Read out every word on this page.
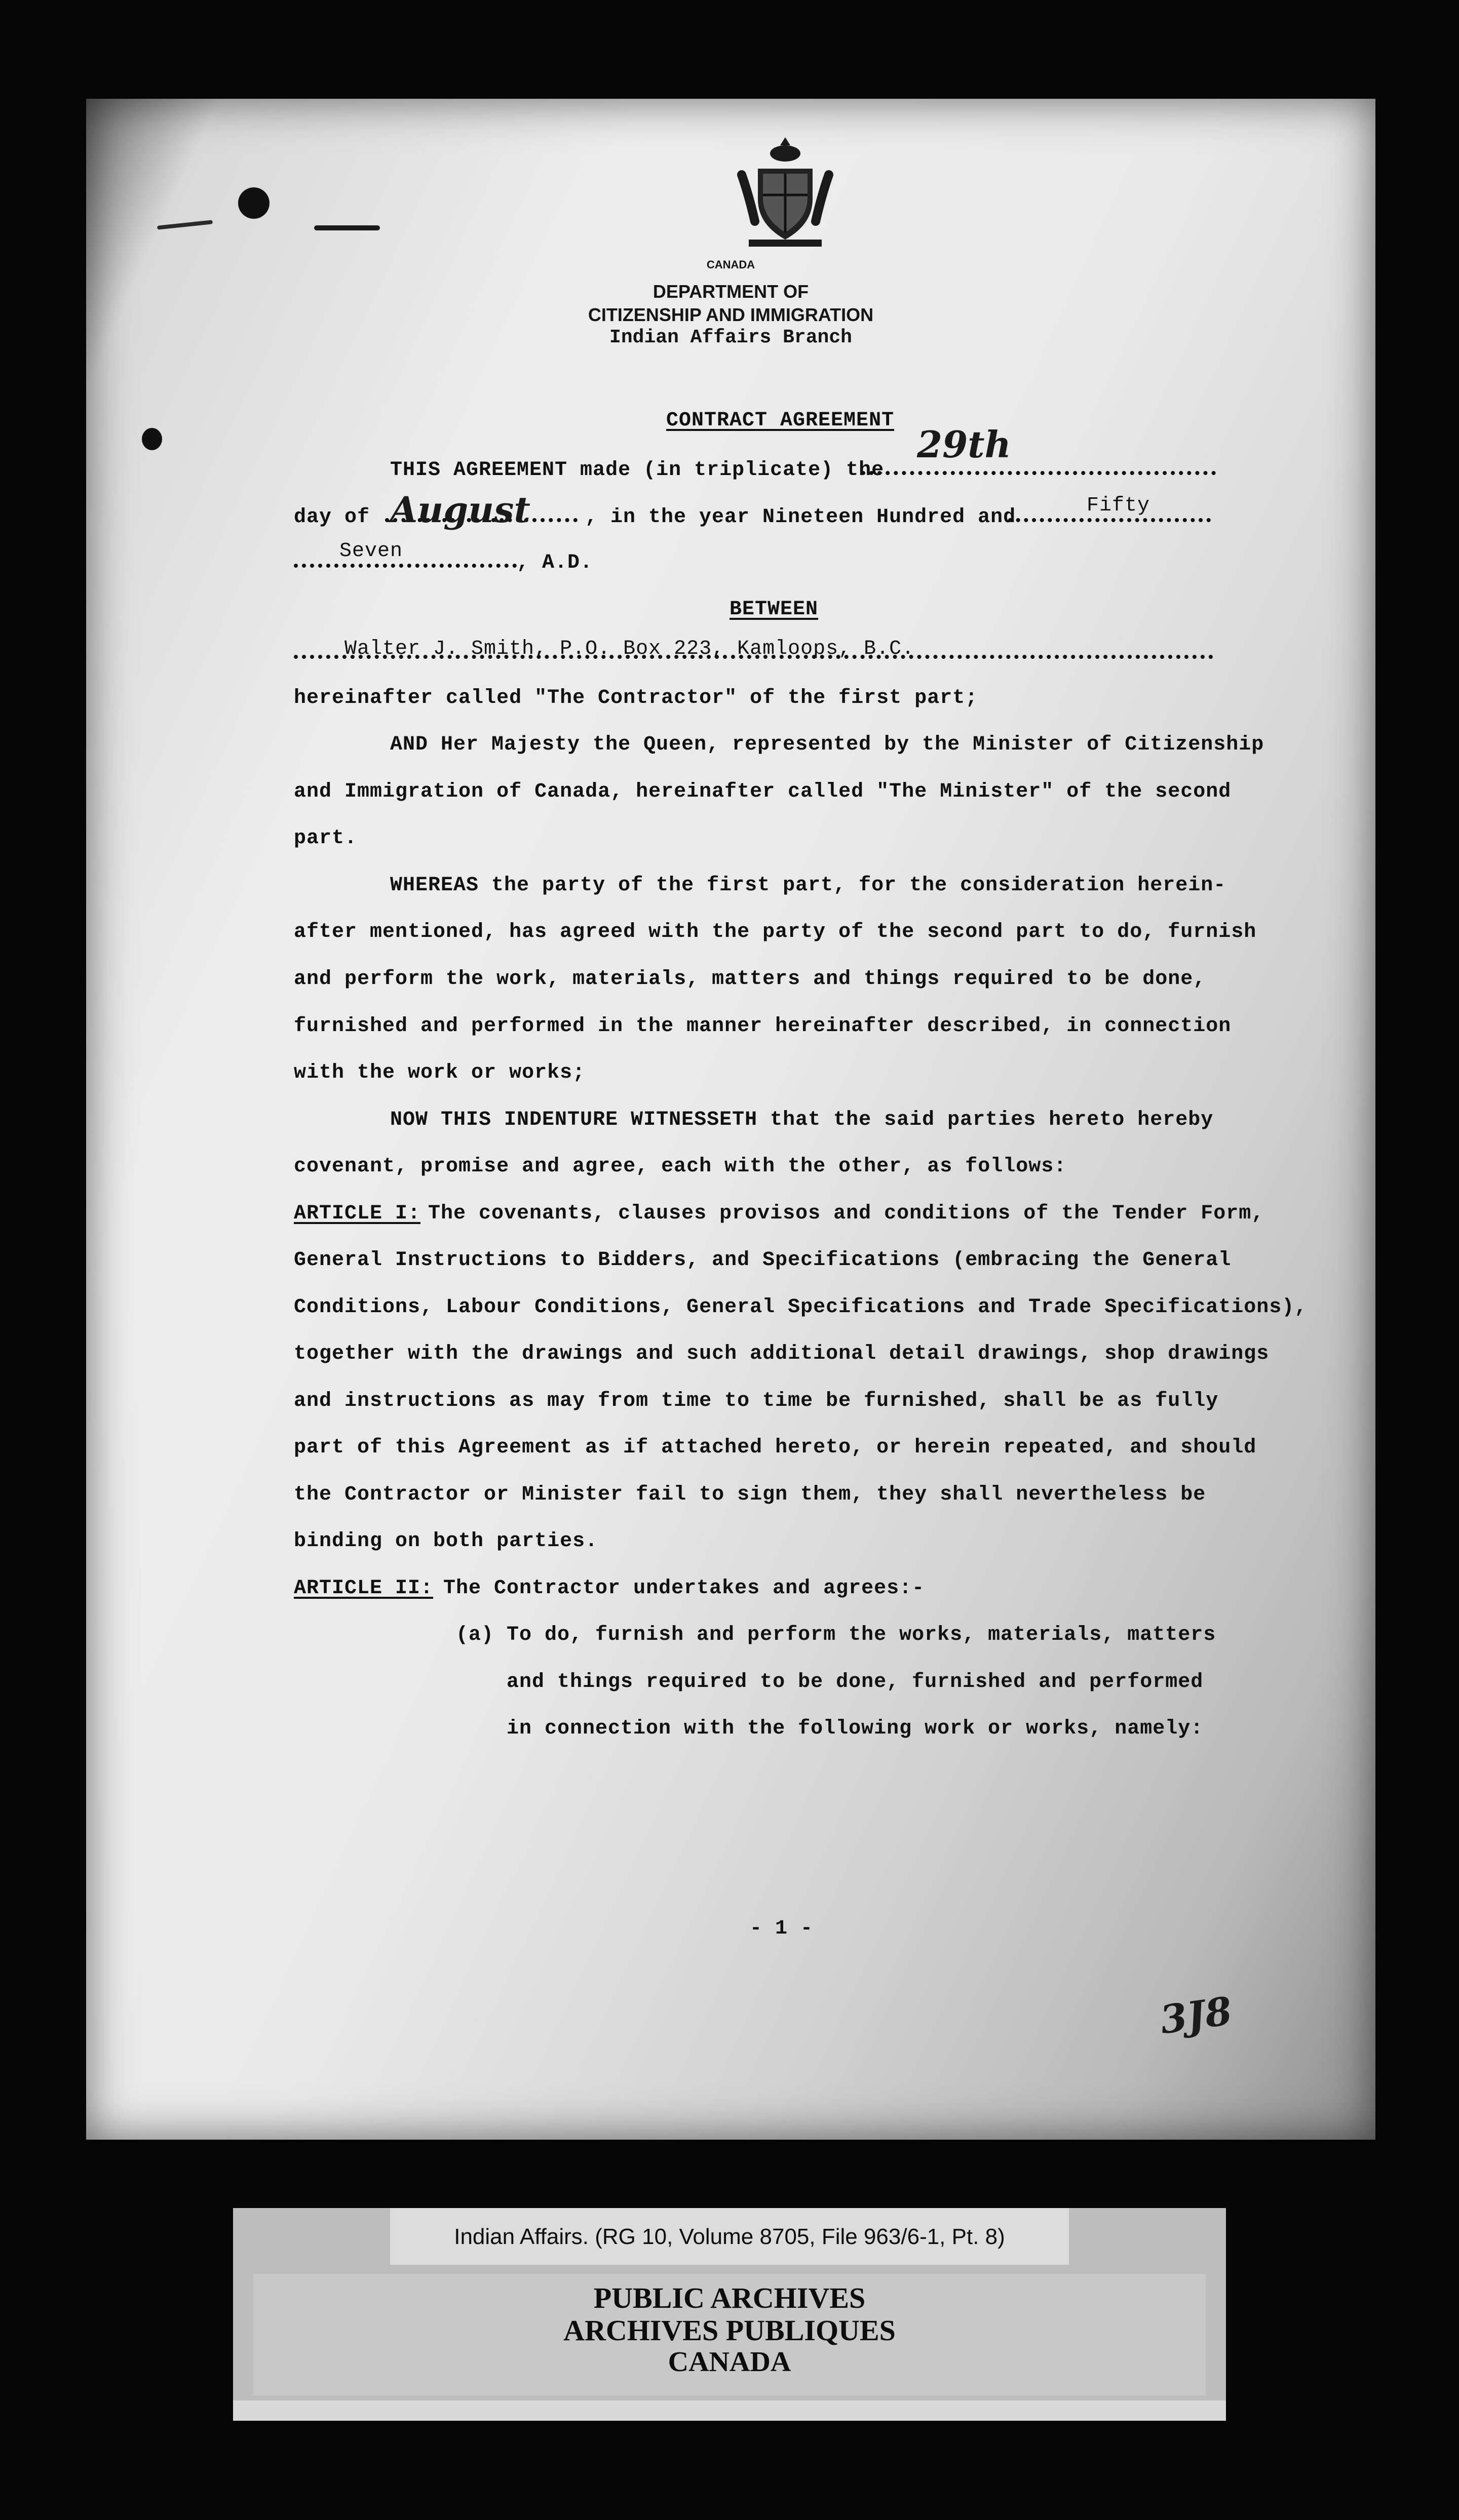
CANADA
DEPARTMENT OF
CITIZENSHIP AND IMMIGRATION
Indian Affairs Branch
CONTRACT AGREEMENT
THIS AGREEMENT made (in triplicate) the
29th
day of August	, in the year Nineteen Hundred and
Fifty
Seven
, A.D.
BETWEEN
Walter J. Smith, P.O. Box 223, Kamloops, B.C.
hereinafter called "The Contractor" of the first part;
AND Her Majesty the Queen, represented by the Minister of Citizenship
and Immigration of Canada, hereinafter called "The Minister" of the second
part.
WHEREAS the party of the first part, for the consideration herein-
after mentioned, has agreed with the party of the second part to do, furnish
and perform the work, materials, matters and things required to be done,
furnished and performed in the manner hereinafter described, in connection
with the work or works;
NOW THIS INDENTURE WITNESSETH that the said parties hereto hereby
covenant, promise and agree, each with the other, as follows:
ARTICLE I:
The covenants, clauses provisos and conditions of the Tender Form,
General Instructions to Bidders, and Specifications (embracing the General
Conditions, Labour Conditions, General Specifications and Trade Specifications),
together with the drawings and such additional detail drawings, shop drawings
and instructions as may from time to time be furnished, shall be as fully
part of this Agreement as if attached hereto, or herein repeated, and should
the Contractor or Minister fail to sign them, they shall nevertheless be
binding on both parties.
ARTICLE II:
The Contractor undertakes and agrees:-
(a) To do, furnish and perform the works, materials, matters
and things required to be done, furnished and performed
in connection with the following work or works, namely:
- 1 -
3J8
Indian Affairs. (RG 10, Volume 8705, File 963/6-1, Pt. 8)
PUBLIC ARCHIVES
ARCHIVES PUBLIQUES
CANADA
